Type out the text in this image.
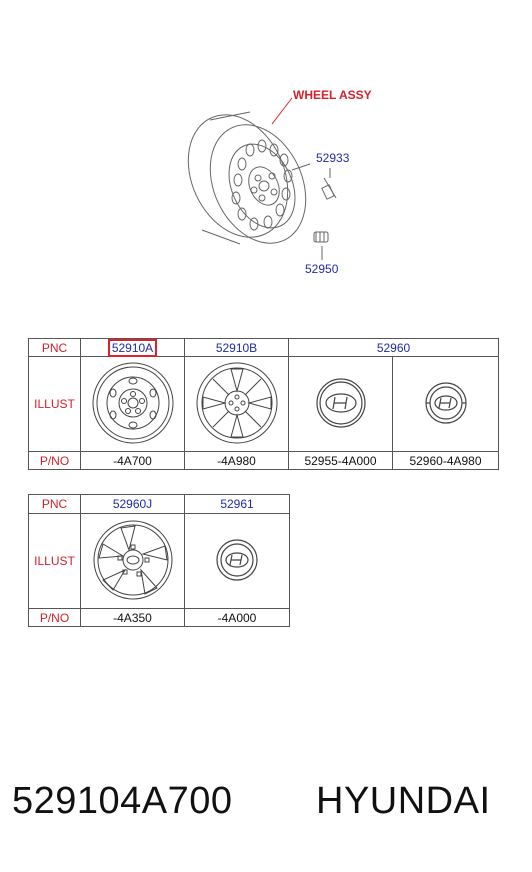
WHEEL ASSY
52933
52950
PNC	52910A	52910B	52960	
ILLUST				
P/NO	-4A700	-4A980	52955-4A000	52960-4A980
PNC	52960J	52961
ILLUST		
P/NO	-4A350	-4A000
529104A700 HYUNDAI
